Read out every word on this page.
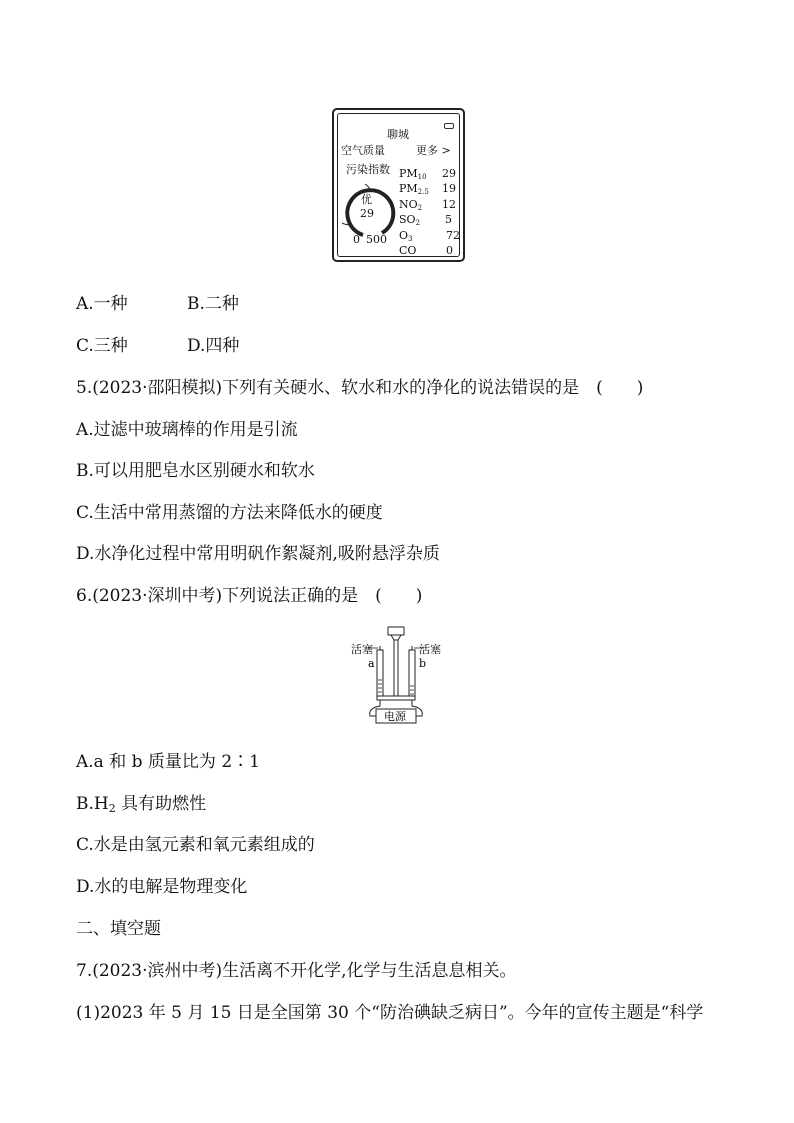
聊城
空气质量	更多 >
污染指数
优
29
0 500
PM10 29
PM2.5 19
NO2 12
SO2 5
O3	72
CO	0
A.一种	B.二种
C.三种	D.四种
5.(2023·邵阳模拟)下列有关硬水、软水和水的净化的说法错误的是　(　　)
A.过滤中玻璃棒的作用是引流
B.可以用肥皂水区别硬水和软水
C.生活中常用蒸馏的方法来降低水的硬度
D.水净化过程中常用明矾作絮凝剂,吸附悬浮杂质
6.(2023·深圳中考)下列说法正确的是　(　　)
活塞	活塞
a	b
电源
A.a 和 b 质量比为 2∶1
$B.H_2$ 具有助燃性
C.水是由氢元素和氧元素组成的
D.水的电解是物理变化
二、填空题
7.(2023·滨州中考)生活离不开化学,化学与生活息息相关。
(1)2023 年 5 月 15 日是全国第 30 个“防治碘缺乏病日”。今年的宣传主题是“科学
